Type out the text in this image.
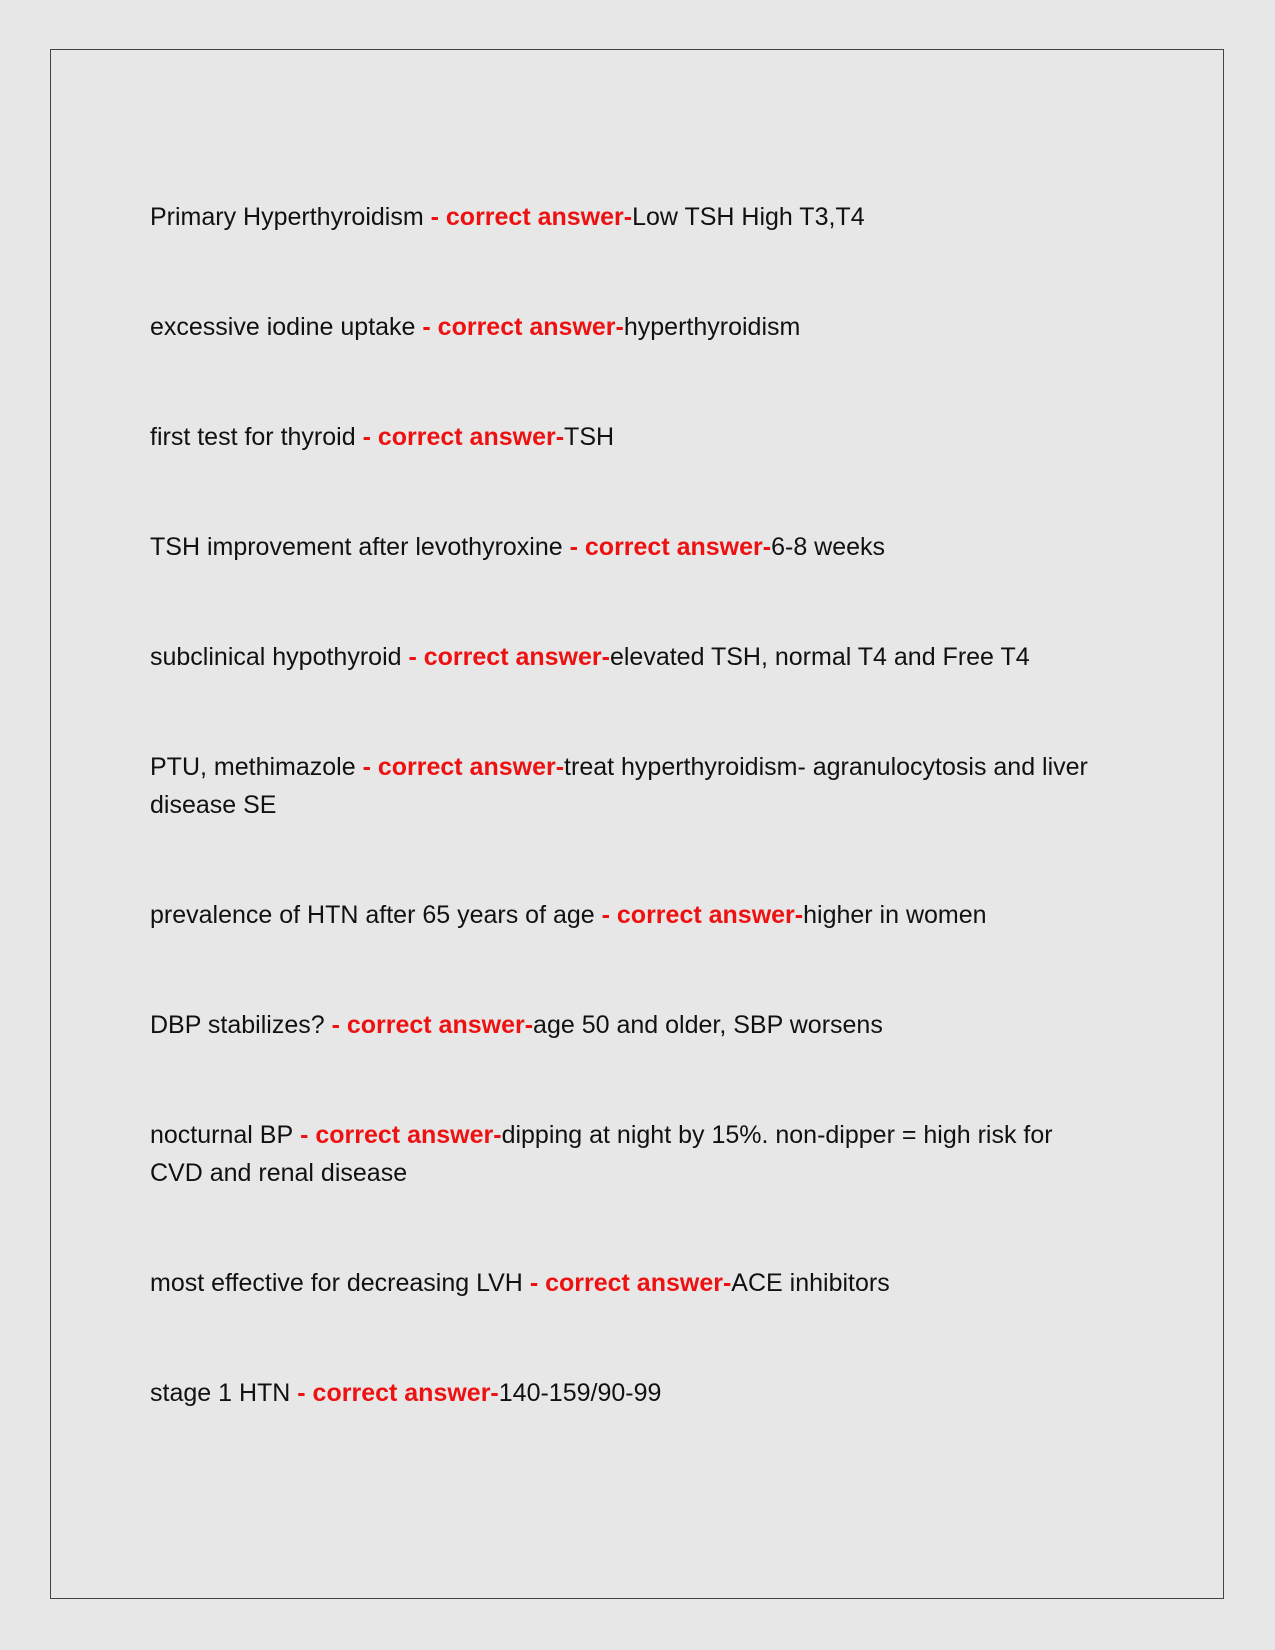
Primary Hyperthyroidism - correct answer-Low TSH High T3,T4
excessive iodine uptake - correct answer-hyperthyroidism
first test for thyroid - correct answer-TSH
TSH improvement after levothyroxine - correct answer-6-8 weeks
subclinical hypothyroid - correct answer-elevated TSH, normal T4 and Free T4
PTU, methimazole - correct answer-treat hyperthyroidism- agranulocytosis and liver disease SE
prevalence of HTN after 65 years of age - correct answer-higher in women
DBP stabilizes? - correct answer-age 50 and older, SBP worsens
nocturnal BP - correct answer-dipping at night by 15%. non-dipper = high risk for CVD and renal disease
most effective for decreasing LVH - correct answer-ACE inhibitors
stage 1 HTN - correct answer-140-159/90-99
